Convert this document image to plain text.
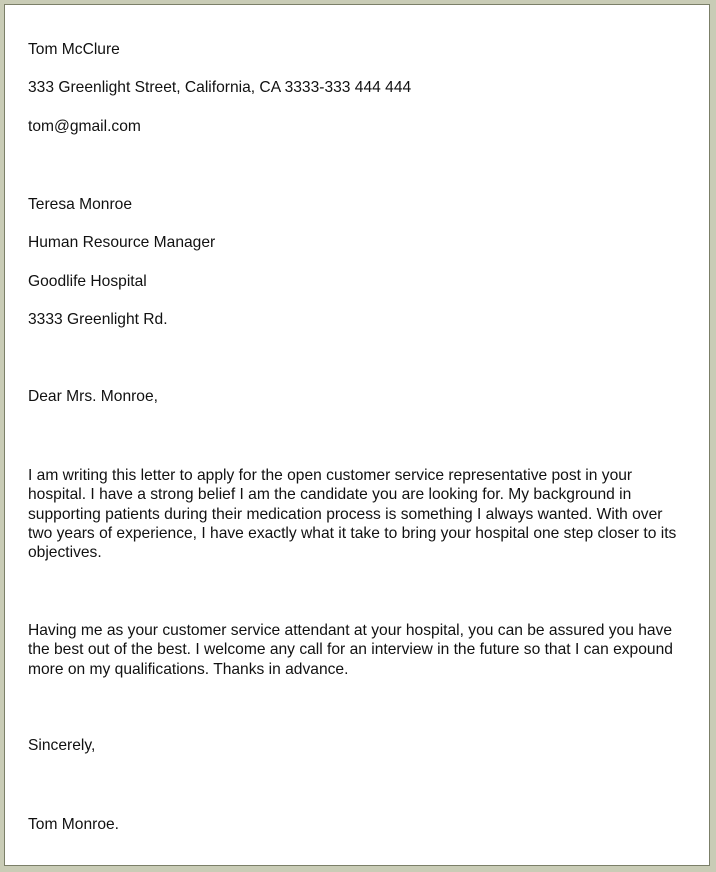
Tom McClure

333 Greenlight Street, California, CA 3333-333 444 444

tom@gmail.com

Teresa Monroe

Human Resource Manager

Goodlife Hospital

3333 Greenlight Rd.

Dear Mrs. Monroe,

I am writing this letter to apply for the open customer service representative post in your hospital. I have a strong belief I am the candidate you are looking for. My background in supporting patients during their medication process is something I always wanted. With over two years of experience, I have exactly what it take to bring your hospital one step closer to its objectives.

Having me as your customer service attendant at your hospital, you can be assured you have the best out of the best. I welcome any call for an interview in the future so that I can expound more on my qualifications. Thanks in advance.

Sincerely,

Tom Monroe.
